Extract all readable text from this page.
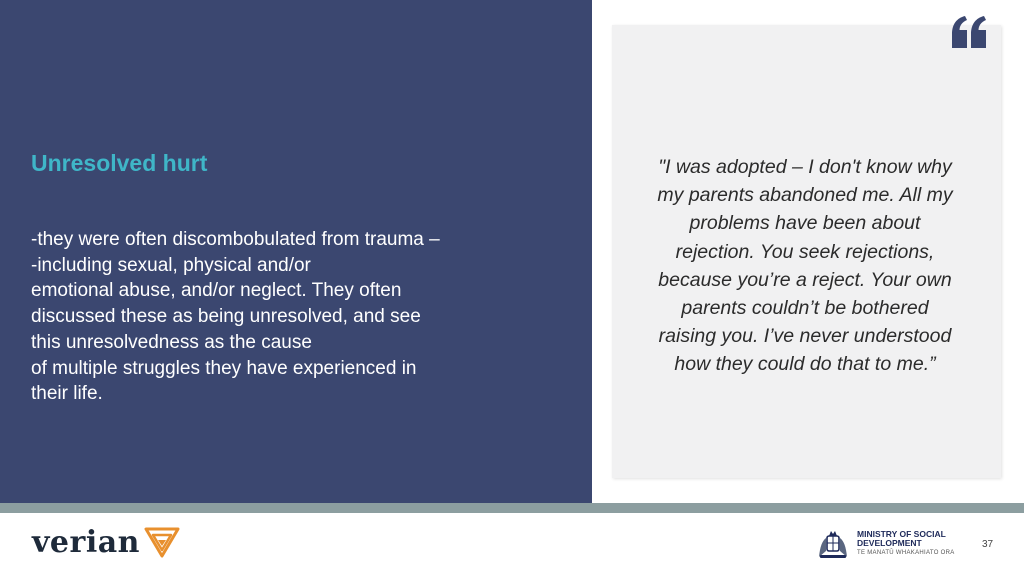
Unresolved hurt

-they were often discombobulated from trauma –
-including sexual, physical and/or
emotional abuse, and/or neglect. They often
discussed these as being unresolved, and see
this unresolvedness as the cause
of multiple struggles they have experienced in
their life.

"I was adopted – I don't know why
my parents abandoned me. All my
problems have been about
rejection. You seek rejections,
because you’re a reject. Your own
parents couldn’t be bothered
raising you. I’ve never understood
how they could do that to me.”

verian	MINISTRY OF SOCIAL
DEVELOPMENT
TE MANATŪ WHAKAHIATO ORA
37
